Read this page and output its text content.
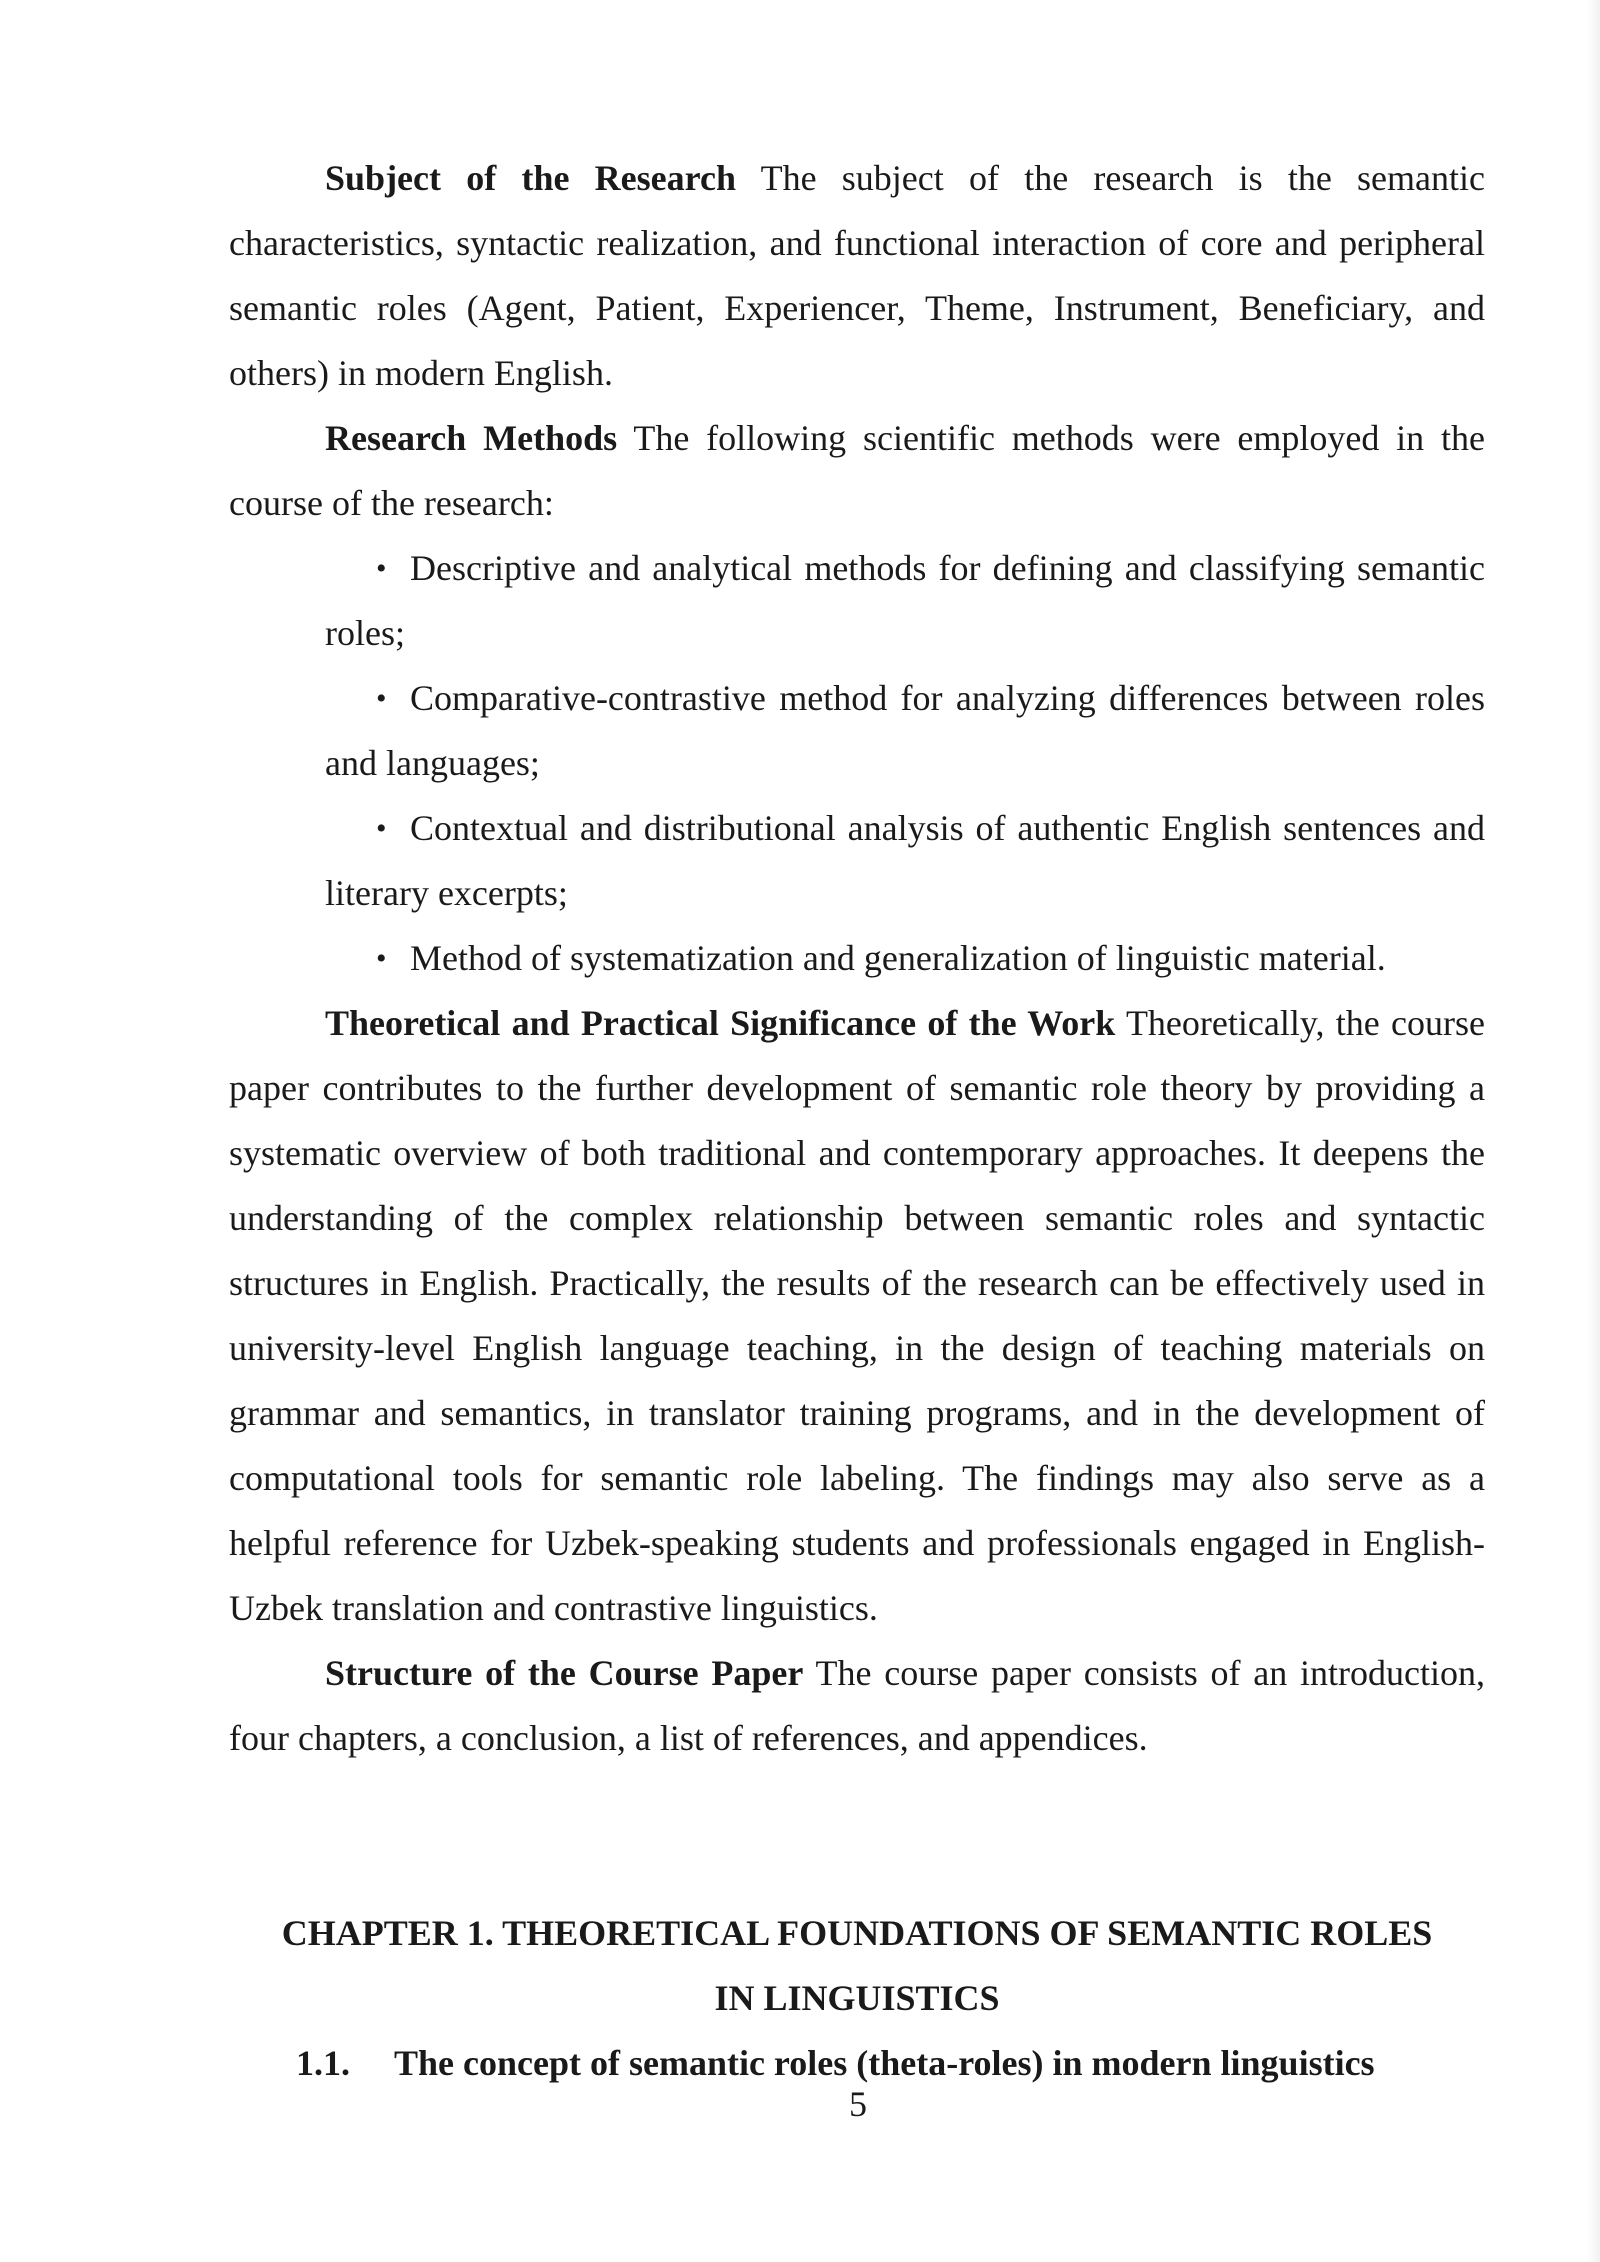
Subject of the Research The subject of the research is the semantic characteristics, syntactic realization, and functional interaction of core and peripheral semantic roles (Agent, Patient, Experiencer, Theme, Instrument, Beneficiary, and others) in modern English.

Research Methods The following scientific methods were employed in the course of the research:

• Descriptive and analytical methods for defining and classifying semantic roles;
• Comparative-contrastive method for analyzing differences between roles and languages;
• Contextual and distributional analysis of authentic English sentences and literary excerpts;
• Method of systematization and generalization of linguistic material.

Theoretical and Practical Significance of the Work Theoretically, the course paper contributes to the further development of semantic role theory by providing a systematic overview of both traditional and contemporary approaches. It deepens the understanding of the complex relationship between semantic roles and syntactic structures in English. Practically, the results of the research can be effectively used in university-level English language teaching, in the design of teaching materials on grammar and semantics, in translator training programs, and in the development of computational tools for semantic role labeling. The findings may also serve as a helpful reference for Uzbek-speaking students and professionals engaged in English-Uzbek translation and contrastive linguistics.

Structure of the Course Paper The course paper consists of an introduction, four chapters, a conclusion, a list of references, and appendices.

CHAPTER 1. THEORETICAL FOUNDATIONS OF SEMANTIC ROLES
IN LINGUISTICS
1.1. The concept of semantic roles (theta-roles) in modern linguistics
5
